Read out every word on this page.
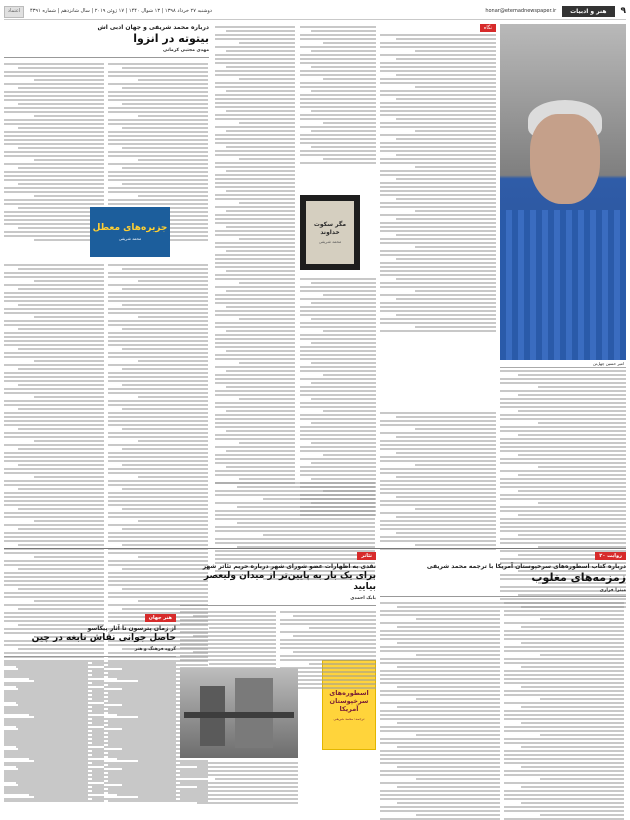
۹
هنر و ادبیات
honar@etemadnewspaper.ir
دوشنبه ۲۷ خرداد ۱۳۹۸ | ۱۳ شوال ۱۴۴۰ | ۱۷ ژوئن ۲۰۱۹ | سال شانزدهم | شماره ۴۳۹۱
اعتماد
امیر حسین چهل‌تن
نگاه
مگر سکوت خداوند
محمد شریفی
درباره محمد شریفی و جهان ادبی اش
بیتوته در انزوا
مهدی مجتبی کرمانی
جزیره‌های معطل
محمد شریفی
روایت ۲۰
درباره کتاب اسطوره‌های سرخپوستان آمریکا با ترجمه محمد شریفی
زمزمه‌های مغلوب
میترا فرازی
اسطوره‌های سرخپوستان آمریکا
ترجمه: محمد شریفی
تئاتر
نقدی به اظهارات عضو شورای شهر درباره حریم تئاتر شهر
برای یک بار به پایین‌تر از میدان ولیعصر بیایید
بابک احمدی
هنر جهان
از زمان پترسون تا آثار پیکاسو
حاصل جوانی نقاش نابغه در چین
گروه فرهنگ و هنر
